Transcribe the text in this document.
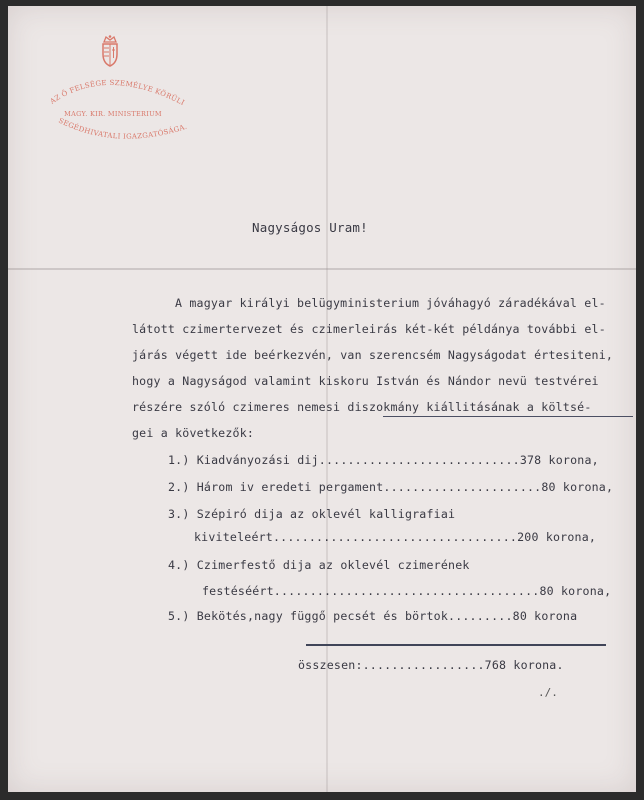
AZ Ő FELSÉGE SZEMÉLYE KÖRÜLI
SEGÉDHIVATALI IGAZGATÓSÁGA.
MAGY. KIR. MINISTERIUM
Nagyságos Uram!
A magyar királyi belügyministerium jóváhagyó záradékával el-
látott czimertervezet és czimerleirás két-két példánya további el-
járás végett ide beérkezvén, van szerencsém Nagyságodat értesiteni,
hogy a Nagyságod valamint kiskoru István és Nándor nevü testvérei
részére szóló czimeres nemesi diszokmány kiállitásának a költsé-
gei a következők:
1.) Kiadványozási dij............................378 korona,
2.) Három iv eredeti pergament......................80 korona,
3.) Szépiró dija az oklevél kalligrafiai
kiviteleért..................................200 korona,
4.) Czimerfestő dija az oklevél czimerének
festéséért.....................................80 korona,
5.) Bekötés,nagy függő pecsét és börtok.........80 korona
összesen:.................768 korona.
./.
